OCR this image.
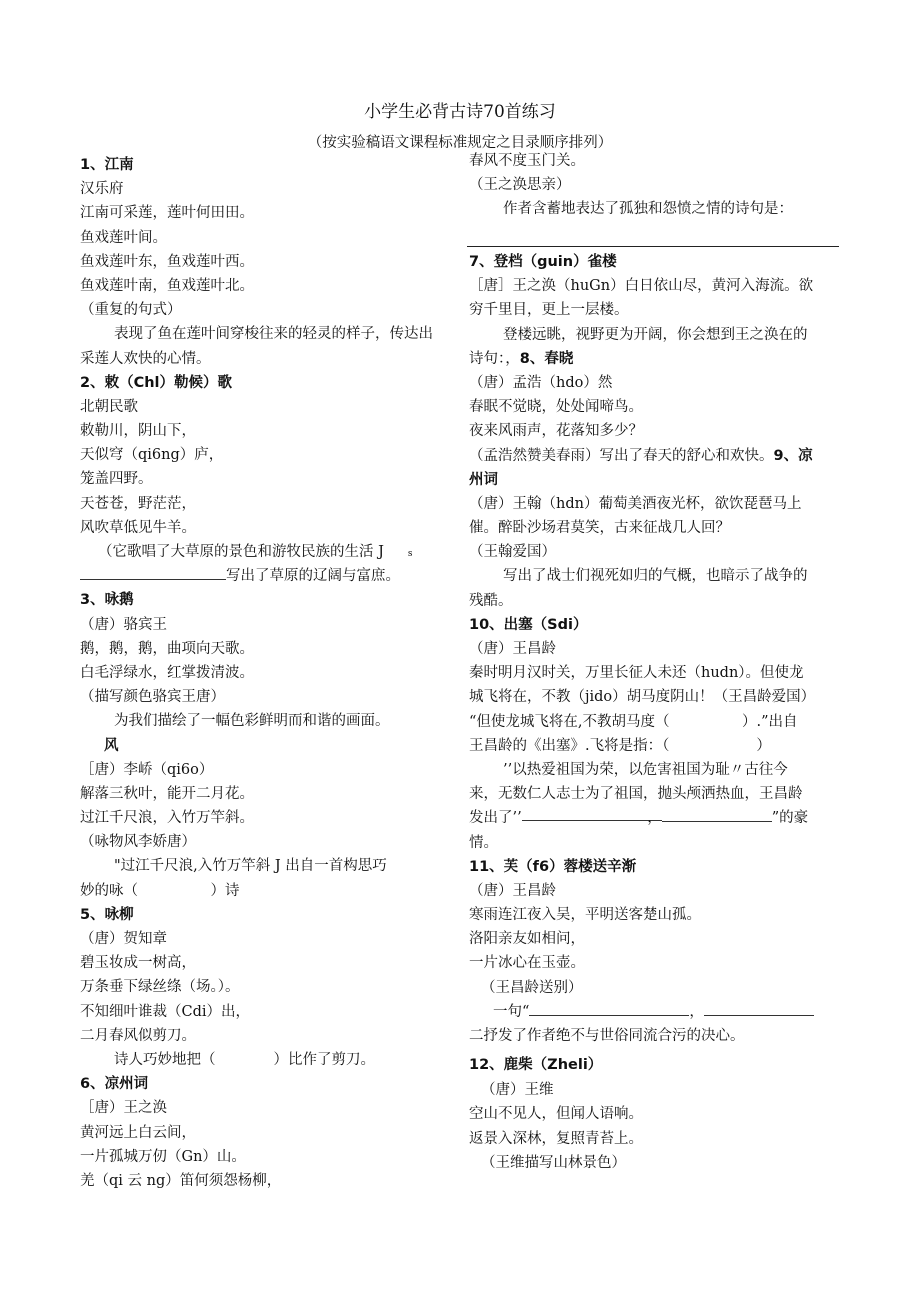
小学生必背古诗70首练习
（按实验稿语文课程标准规定之目录顺序排列）
1、江南
汉乐府
江南可采莲，莲叶何田田。
鱼戏莲叶间。
鱼戏莲叶东，鱼戏莲叶西。
鱼戏莲叶南，鱼戏莲叶北。
（重复的句式）
表现了鱼在莲叶间穿梭往来的轻灵的样子，传达出
采莲人欢快的心情。
2、敕（Chl）勒候）歌
北朝民歌
敕勒川，阴山下，
天似穹（qi6ng）庐，
笼盖四野。
天苍苍，野茫茫，
风吹草低见牛羊。
（它歌唱了大草原的景色和游牧民族的生活 J	s
写出了草原的辽阔与富庶。
3、咏鹅
（唐）骆宾王
鹅，鹅，鹅，曲项向天歌。
白毛浮绿水，红掌拨清波。
（描写颜色骆宾王唐）
为我们描绘了一幅色彩鲜明而和谐的画面。
风
［唐）李峤（qi6o）
解落三秋叶，能开二月花。
过江千尺浪，入竹万竿斜。
（咏物风李娇唐）
"过江千尺浪,入竹万竿斜 J 出自一首构思巧
妙的咏（　　　　　）诗
5、咏柳
（唐）贺知章
碧玉妆成一树高，
万条垂下绿丝绦（场。）。
不知细叶谁裁（Cdi）出，
二月春风似剪刀。
诗人巧妙地把（　　　　）比作了剪刀。
6、凉州词
［唐）王之涣
黄河远上白云间，
一片孤城万仞（Gn）山。
羌（qi 云 ng）笛何须怨杨柳，
春风不度玉门关。
（王之涣思亲）
作者含蓄地表达了孤独和怨愤之情的诗句是：
7、登档（guin）雀楼
［唐］王之涣（huGn）白日依山尽，黄河入海流。欲
穷千里目，更上一层楼。
登楼远眺，视野更为开阔，你会想到王之涣在的
诗句：，8、春晓
（唐）孟浩（hdo）然
春眠不觉晓，处处闻啼鸟。
夜来风雨声，花落知多少？
（孟浩然赞美春雨）写出了春天的舒心和欢快。9、凉
州词
（唐）王翰（hdn）葡萄美酒夜光杯，欲饮琵琶马上
催。醉卧沙场君莫笑，古来征战几人回？
（王翰爱国）
写出了战士们视死如归的气概，也暗示了战争的
残酷。
10、出塞（Sdi）
（唐）王昌龄
秦时明月汉时关，万里长征人未还（hudn）。但使龙
城飞将在，不教（jido）胡马度阴山！（王昌龄爱国）
“但使龙城飞将在,不教胡马度（　　　　　）.”出自
王昌龄的《出塞》.飞将是指：（　　　　　　）
’’以热爱祖国为荣，以危害祖国为耻〃古往今
来，无数仁人志士为了祖国，抛头颅洒热血，王昌龄
发出了’’	，	”的豪
情。
11、芙（f6）蓉楼送辛渐
（唐）王昌龄
寒雨连江夜入吴，平明送客楚山孤。
洛阳亲友如相问，
一片冰心在玉壶。
（王昌龄送别）
一句“	，
二抒发了作者绝不与世俗同流合污的决心。
12、鹿柴（Zheli）
（唐）王维
空山不见人，但闻人语响。
返景入深林，复照青苔上。
（王维描写山林景色）
